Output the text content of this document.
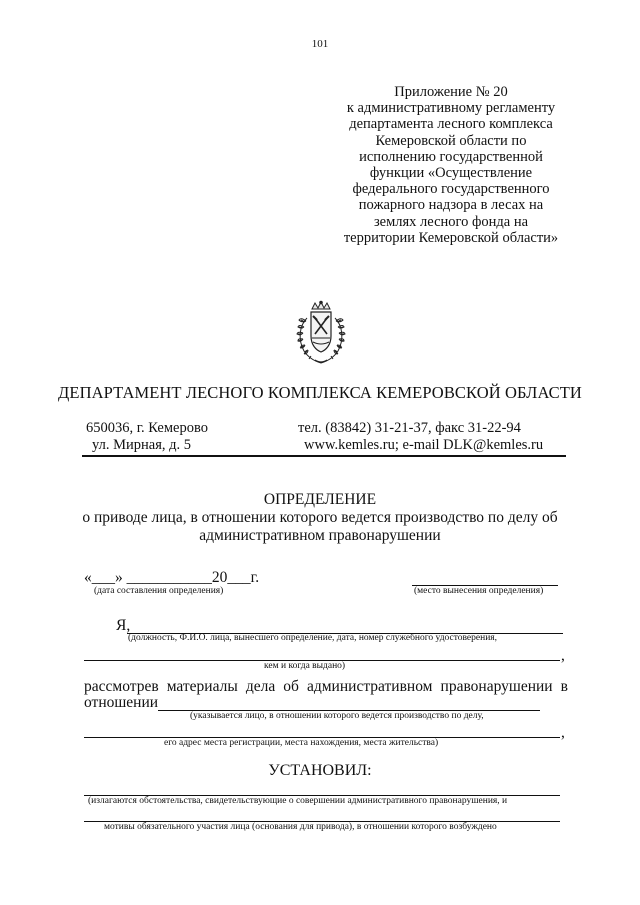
101
Приложение № 20
к административному регламенту
департамента лесного комплекса
Кемеровской области по
исполнению государственной
функции «Осуществление
федерального государственного
пожарного надзора в лесах на
землях лесного фонда на
территории Кемеровской области»
ДЕПАРТАМЕНТ ЛЕСНОГО КОМПЛЕКСА КЕМЕРОВСКОЙ ОБЛАСТИ
650036, г. Кемерово
ул. Мирная, д. 5
тел. (83842) 31-21-37, факс 31-22-94
www.kemles.ru; e-mail DLK@kemles.ru
ОПРЕДЕЛЕНИЕ
о приводе лица, в отношении которого ведется производство по делу об
административном правонарушении
«___» ___________20___г.
(дата составления определения)	(место вынесения определения)
Я,
(должность, Ф.И.О. лица, вынесшего определение, дата, номер служебного удостоверения,
,
кем и когда выдано)
рассмотрев материалы дела об административном правонарушении в
отношении
(указывается лицо, в отношении которого ведется производство по делу,
,
его адрес места регистрации, места нахождения, места жительства)
УСТАНОВИЛ:
(излагаются обстоятельства, свидетельствующие о совершении административного правонарушения, и
мотивы обязательного участия лица (основания для привода), в отношении которого возбуждено
